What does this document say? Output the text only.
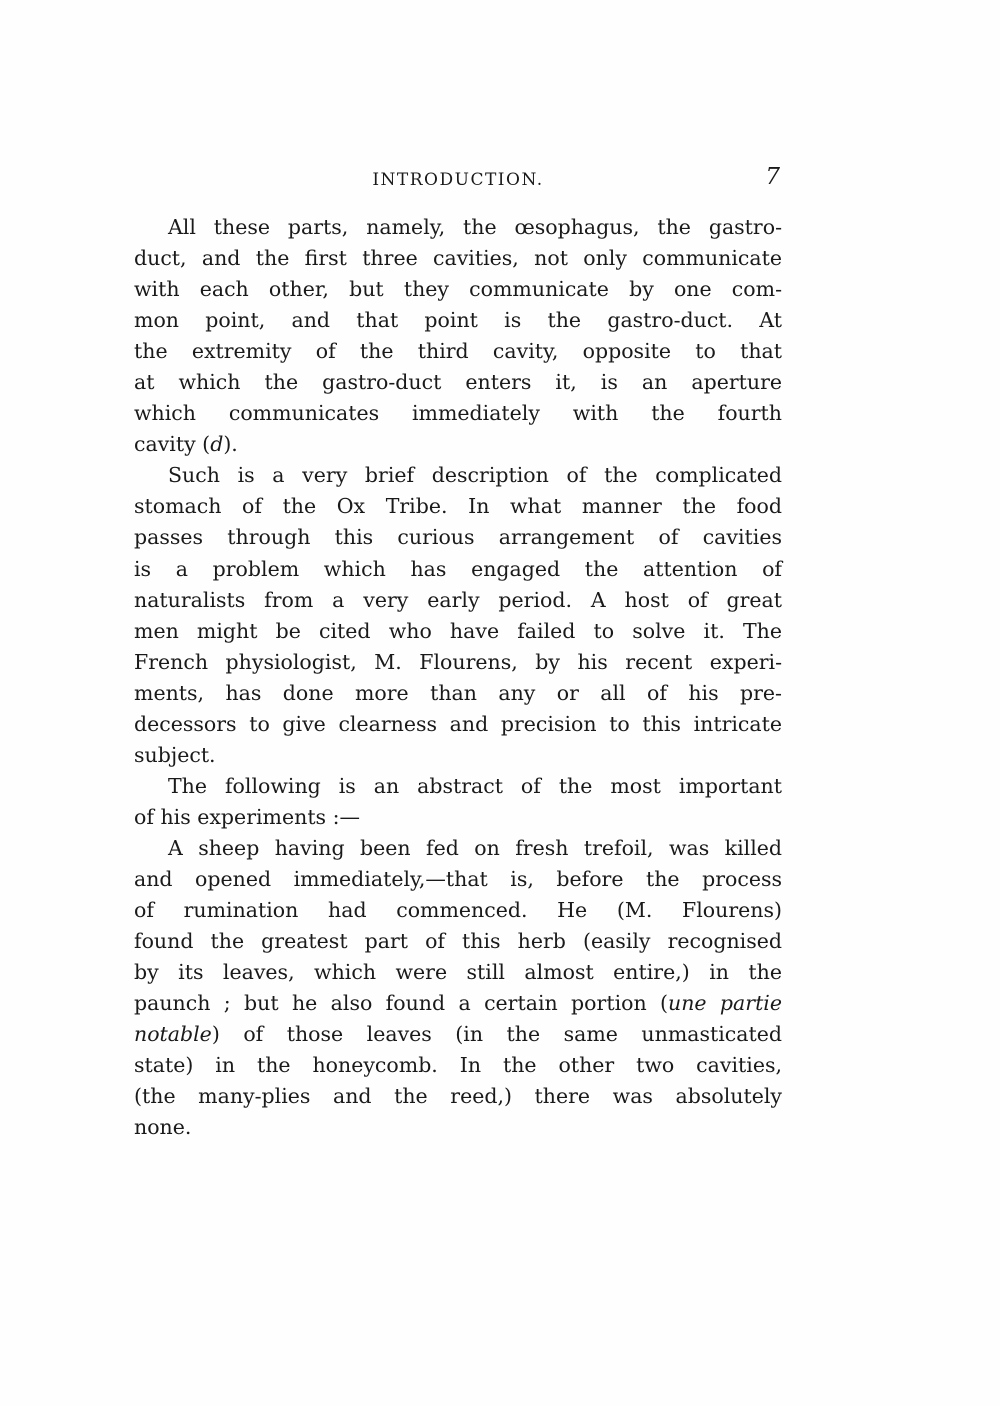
INTRODUCTION.	7
All these parts, namely, the œsophagus, the gastro-
duct, and the first three cavities, not only communicate
with each other, but they communicate by one com-
mon point, and that point is the gastro-duct. At
the extremity of the third cavity, opposite to that
at which the gastro-duct enters it, is an aperture
which communicates immediately with the fourth
cavity (d).
Such is a very brief description of the complicated
stomach of the Ox Tribe. In what manner the food
passes through this curious arrangement of cavities
is a problem which has engaged the attention of
naturalists from a very early period. A host of great
men might be cited who have failed to solve it. The
French physiologist, M. Flourens, by his recent experi-
ments, has done more than any or all of his pre-
decessors to give clearness and precision to this intricate
subject.
The following is an abstract of the most important
of his experiments :—
A sheep having been fed on fresh trefoil, was killed
and opened immediately,—that is, before the process
of rumination had commenced. He (M. Flourens)
found the greatest part of this herb (easily recognised
by its leaves, which were still almost entire,) in the
paunch ; but he also found a certain portion (une partie
notable) of those leaves (in the same unmasticated
state) in the honeycomb. In the other two cavities,
(the many-plies and the reed,) there was absolutely
none.
